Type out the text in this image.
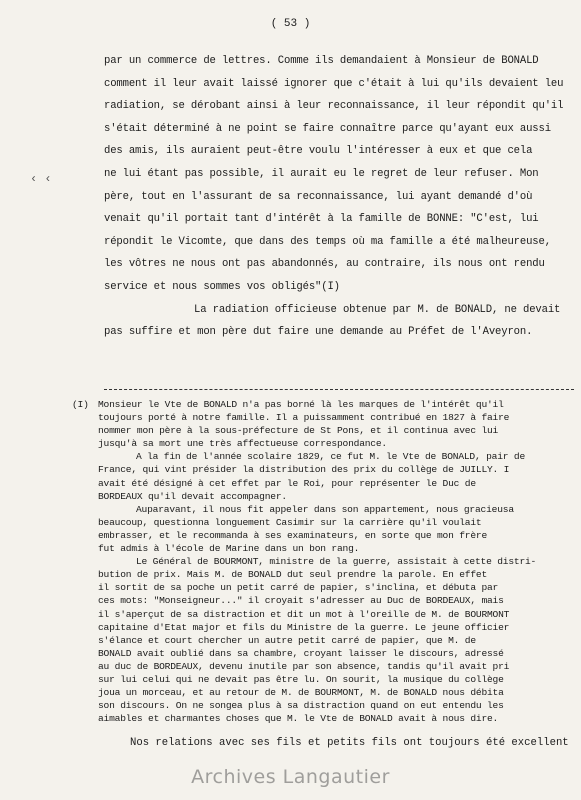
( 53 )
‹ ‹
par un commerce de lettres. Comme ils demandaient à Monsieur de BONALD
comment il leur avait laissé ignorer que c'était à lui qu'ils devaient leu
radiation, se dérobant ainsi à leur reconnaissance, il leur répondit qu'il
s'était déterminé à ne point se faire connaître parce qu'ayant eux aussi
des amis, ils auraient peut-être voulu l'intéresser à eux et que cela
ne lui étant pas possible, il aurait eu le regret de leur refuser. Mon
père, tout en l'assurant de sa reconnaissance, lui ayant demandé d'où
venait qu'il portait tant d'intérêt à la famille de BONNE: "C'est, lui
répondit le Vicomte, que dans des temps où ma famille a été malheureuse,
les vôtres ne nous ont pas abandonnés, au contraire, ils nous ont rendu
service et nous sommes vos obligés"(I)
La radiation officieuse obtenue par M. de BONALD, ne devait
pas suffire et mon père dut faire une demande au Préfet de l'Aveyron.
(I) Monsieur le Vte de BONALD n'a pas borné là les marques de l'intérêt qu'il
toujours porté à notre famille. Il a puissamment contribué en 1827 à faire
nommer mon père à la sous-préfecture de St Pons, et il continua avec lui
jusqu'à sa mort une très affectueuse correspondance.
A la fin de l'année scolaire 1829, ce fut M. le Vte de BONALD, pair de
France, qui vint présider la distribution des prix du collège de JUILLY. I
avait été désigné à cet effet par le Roi, pour représenter le Duc de
BORDEAUX qu'il devait accompagner.
Auparavant, il nous fit appeler dans son appartement, nous gracieusa
beaucoup, questionna longuement Casimir sur la carrière qu'il voulait
embrasser, et le recommanda à ses examinateurs, en sorte que mon frère
fut admis à l'école de Marine dans un bon rang.
Le Général de BOURMONT, ministre de la guerre, assistait à cette distri-
bution de prix. Mais M. de BONALD dut seul prendre la parole. En effet
il sortit de sa poche un petit carré de papier, s'inclina, et débuta par
ces mots: "Monseigneur..." il croyait s'adresser au Duc de BORDEAUX, mais
il s'aperçut de sa distraction et dit un mot à l'oreille de M. de BOURMONT
capitaine d'Etat major et fils du Ministre de la guerre. Le jeune officier
s'élance et court chercher un autre petit carré de papier, que M. de
BONALD avait oublié dans sa chambre, croyant laisser le discours, adressé
au duc de BORDEAUX, devenu inutile par son absence, tandis qu'il avait pri
sur lui celui qui ne devait pas être lu. On sourit, la musique du collège
joua un morceau, et au retour de M. de BOURMONT, M. de BONALD nous débita
son discours. On ne songea plus à sa distraction quand on eut entendu les
aimables et charmantes choses que M. le Vte de BONALD avait à nous dire.
Nos relations avec ses fils et petits fils ont toujours été excellent
Archives Langautier
